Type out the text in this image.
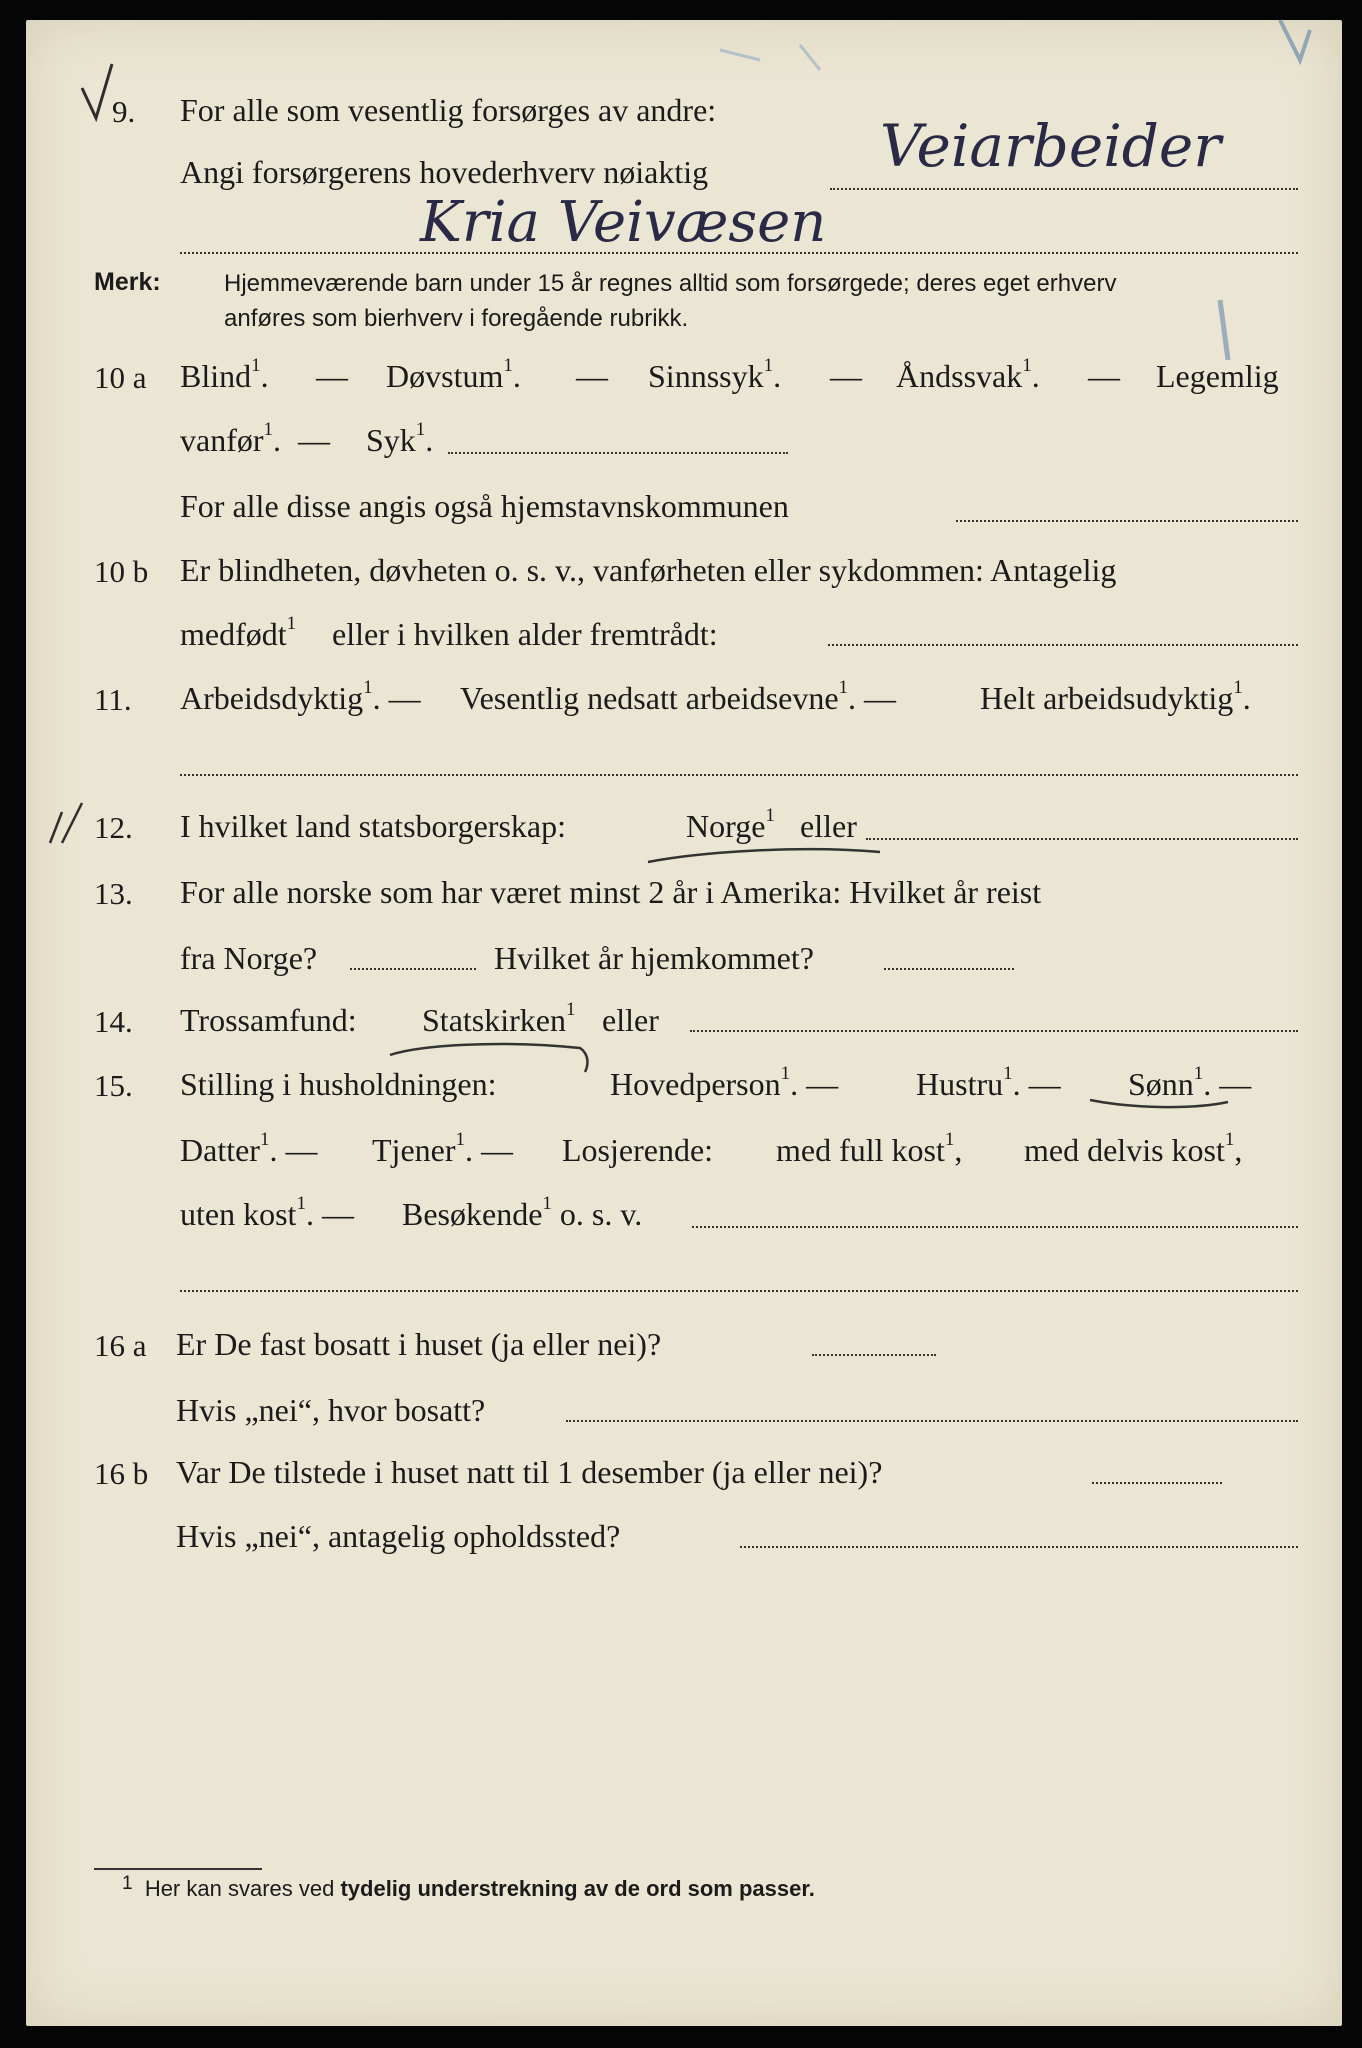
9. For alle som vesentlig forsørges av andre:
Angi forsørgerens hovederhverv nøiaktig	Veiarbeider
Kria Veivæsen
Merk:	Hjemmeværende barn under 15 år regnes alltid som forsørgede; deres eget erhverv
anføres som bierhverv i foregående rubrikk.
10 a Blind$^1$. — Døvstum$^1$. — Sinnssyk$^1$. — Åndssvak$^1$. — Legemlig
vanfør$^1$. — Syk$^1$.
For alle disse angis også hjemstavnskommunen
10 b Er blindheten, døvheten o. s. v., vanførheten eller sykdommen: Antagelig
medfødt$^1$ eller i hvilken alder fremtrådt:
11. Arbeidsdyktig$^1$. — Vesentlig nedsatt arbeidsevne$^1$. —	Helt arbeidsudyktig$^1$.
12. I hvilket land statsborgerskap:	Norge$^1$ eller
13. For alle norske som har været minst 2 år i Amerika: Hvilket år reist
fra Norge?	Hvilket år hjemkommet?
14. Trossamfund: Statskirken$^1$ eller
15. Stilling i husholdningen:	Hovedperson$^1$. — Hustru$^1$. — Sønn$^1$. —
Datter$^1$. — Tjener$^1$. — Losjerende: med full kost$^1$, med delvis kost$^1$,
uten kost$^1$. — Besøkende$^1$ o. s. v.
16 a Er De fast bosatt i huset (ja eller nei)?
Hvis „nei“, hvor bosatt?
16 b Var De tilstede i huset natt til 1 desember (ja eller nei)?
Hvis „nei“, antagelig opholdssted?
1 Her kan svares ved tydelig understrekning av de ord som passer.
